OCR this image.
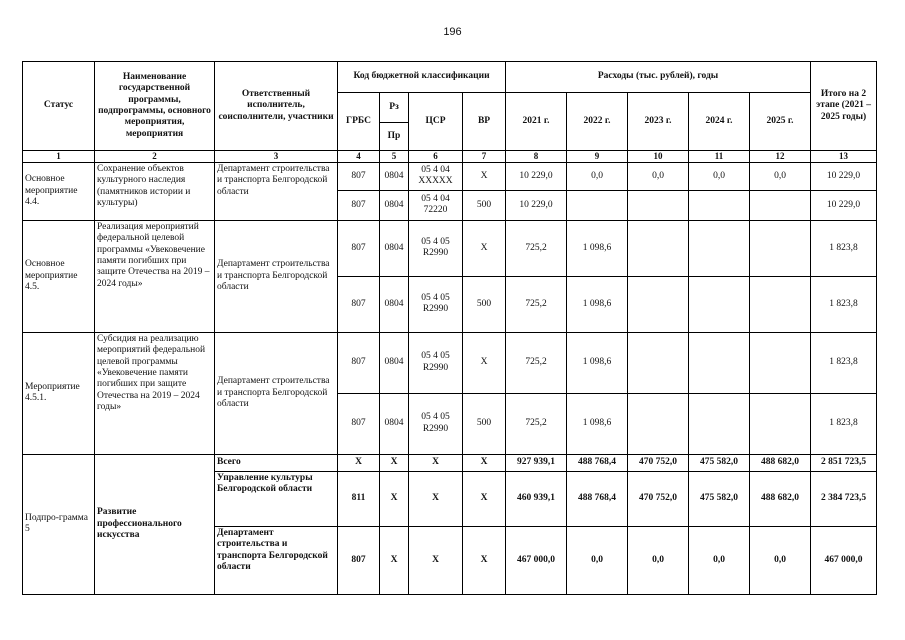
196
Статус	Наименование государственной программы, подпрограммы, основного мероприятия, мероприятия	Ответственный исполнитель, соисполнители, участники	Код бюджетной классификации				Расходы (тыс. рублей), годы					Итого на 2 этапе (2021 – 2025 годы)
			ГРБС	Рз	ЦСР	ВР	2021 г.	2022 г.	2023 г.	2024 г.	2025 г.	
				Пр								
1	2	3	4	5	6	7	8	9	10	11	12	13
Основное мероприятие 4.4.	Сохранение объектов культурного наследия (памятников истории и культуры)	Департамент строительства и транспорта Белгородской области	807	0804	05 4 04 XXXXX	X	10 229,0	0,0	0,0	0,0	0,0	10 229,0
			807	0804	05 4 04 72220	500	10 229,0					10 229,0
Основное мероприятие 4.5.	Реализация мероприятий федеральной целевой программы «Увековечение памяти погибших при защите Отечества на 2019 – 2024 годы»	Департамент строительства и транспорта Белгородской области	807	0804	05 4 05 R2990	X	725,2	1 098,6				1 823,8
			807	0804	05 4 05 R2990	500	725,2	1 098,6				1 823,8
Мероприятие 4.5.1.	Субсидия на реализацию мероприятий федеральной целевой программы «Увековечение памяти погибших при защите Отечества на 2019 – 2024 годы»	Департамент строительства и транспорта Белгородской области	807	0804	05 4 05 R2990	X	725,2	1 098,6				1 823,8
			807	0804	05 4 05 R2990	500	725,2	1 098,6				1 823,8
Подпро-грамма 5	Развитие профессионального искусства	Всего	X	X	X	X	927 939,1	488 768,4	470 752,0	475 582,0	488 682,0	2 851 723,5
		Управление культуры Белгородской области	811	X	X	X	460 939,1	488 768,4	470 752,0	475 582,0	488 682,0	2 384 723,5
		Департамент строительства и транспорта Белгородской области	807	X	X	X	467 000,0	0,0	0,0	0,0	0,0	467 000,0
